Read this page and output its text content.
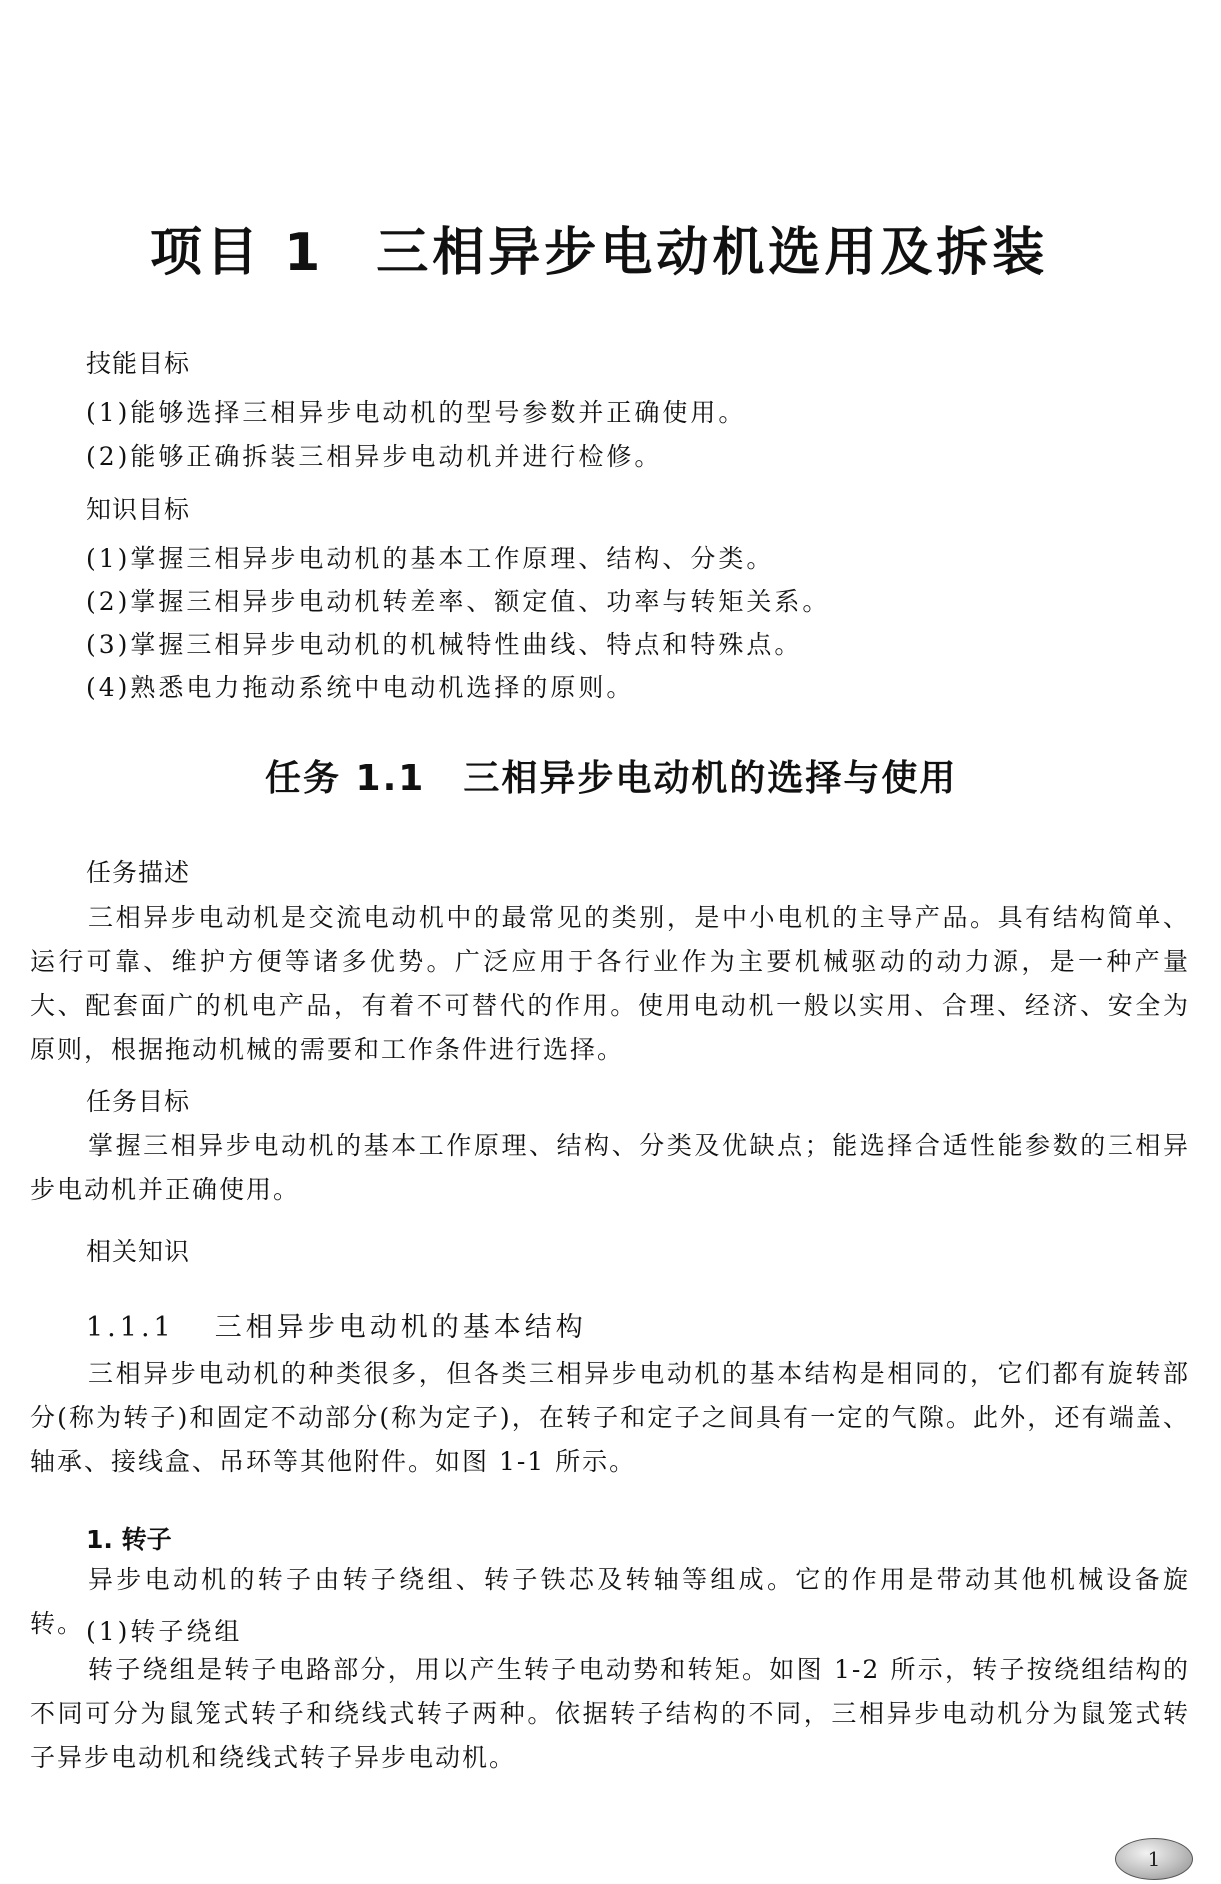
项目 1 三相异步电动机选用及拆装
技能目标
(1)能够选择三相异步电动机的型号参数并正确使用。
(2)能够正确拆装三相异步电动机并进行检修。
知识目标
(1)掌握三相异步电动机的基本工作原理、结构、分类。
(2)掌握三相异步电动机转差率、额定值、功率与转矩关系。
(3)掌握三相异步电动机的机械特性曲线、特点和特殊点。
(4)熟悉电力拖动系统中电动机选择的原则。
任务 1.1 三相异步电动机的选择与使用
任务描述

三相异步电动机是交流电动机中的最常见的类别，是中小电机的主导产品。具有结构简单、运行可靠、维护方便等诸多优势。广泛应用于各行业作为主要机械驱动的动力源，是一种产量大、配套面广的机电产品，有着不可替代的作用。使用电动机一般以实用、合理、经济、安全为原则，根据拖动机械的需要和工作条件进行选择。

任务目标

掌握三相异步电动机的基本工作原理、结构、分类及优缺点；能选择合适性能参数的三相异步电动机并正确使用。

相关知识
1.1.1 三相异步电动机的基本结构

三相异步电动机的种类很多，但各类三相异步电动机的基本结构是相同的，它们都有旋转部分(称为转子)和固定不动部分(称为定子)，在转子和定子之间具有一定的气隙。此外，还有端盖、轴承、接线盒、吊环等其他附件。如图 1-1 所示。

1. 转子

异步电动机的转子由转子绕组、转子铁芯及转轴等组成。它的作用是带动其他机械设备旋转。 (1)转子绕组

转子绕组是转子电路部分，用以产生转子电动势和转矩。如图 1-2 所示，转子按绕组结构的不同可分为鼠笼式转子和绕线式转子两种。依据转子结构的不同，三相异步电动机分为鼠笼式转子异步电动机和绕线式转子异步电动机。

1
